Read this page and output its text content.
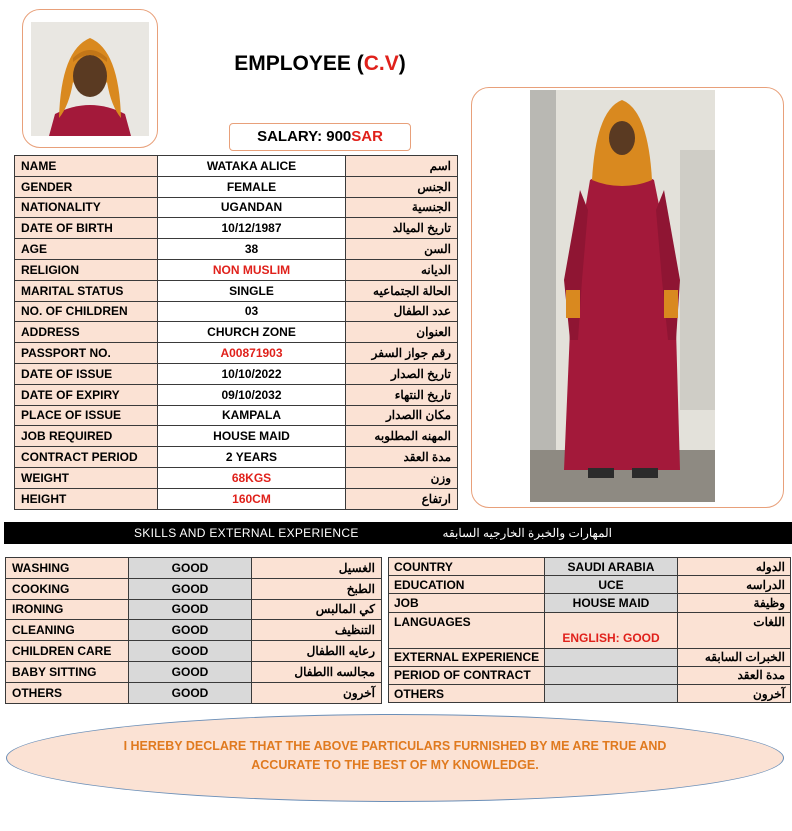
EMPLOYEE (C.V)
SALARY: 900SAR
NAME	WATAKA ALICE	اسم
GENDER	FEMALE	الجنس
NATIONALITY	UGANDAN	الجنسية
DATE OF BIRTH	10/12/1987	تاريخ الميالد
AGE	38	السن
RELIGION	NON MUSLIM	الديانه
MARITAL STATUS	SINGLE	الحالة الجتماعيه
NO. OF CHILDREN	03	عدد الطفال
ADDRESS	CHURCH ZONE	العنوان
PASSPORT NO.	A00871903	رقم جواز السفر
DATE OF ISSUE	10/10/2022	تاريخ الصدار
DATE OF EXPIRY	09/10/2032	تاريخ النتهاء
PLACE OF ISSUE	KAMPALA	مكان االصدار
JOB REQUIRED	HOUSE MAID	المهنه المطلوبه
CONTRACT PERIOD	2 YEARS	مدة العقد
WEIGHT	68KGS	وزن
HEIGHT	160CM	ارتفاع
SKILLS AND EXTERNAL EXPERIENCE	المهارات والخبرة الخارجيه السابقه
WASHING	GOOD	الغسيل
COOKING	GOOD	الطبخ
IRONING	GOOD	كي المالبس
CLEANING	GOOD	التنظيف
CHILDREN CARE	GOOD	رعايه االطفال
BABY SITTING	GOOD	مجالسه االطفال
OTHERS	GOOD	آخرون
COUNTRY	SAUDI ARABIA	الدوله
EDUCATION	UCE	الدراسه
JOB	HOUSE MAID	وظيفة
LANGUAGES	ENGLISH: GOOD	اللغات
EXTERNAL EXPERIENCE		الخبرات السابقه
PERIOD OF CONTRACT		مدة العقد
OTHERS		آخرون
I HEREBY DECLARE THAT THE ABOVE PARTICULARS FURNISHED BY ME ARE TRUE AND
ACCURATE TO THE BEST OF MY KNOWLEDGE.
